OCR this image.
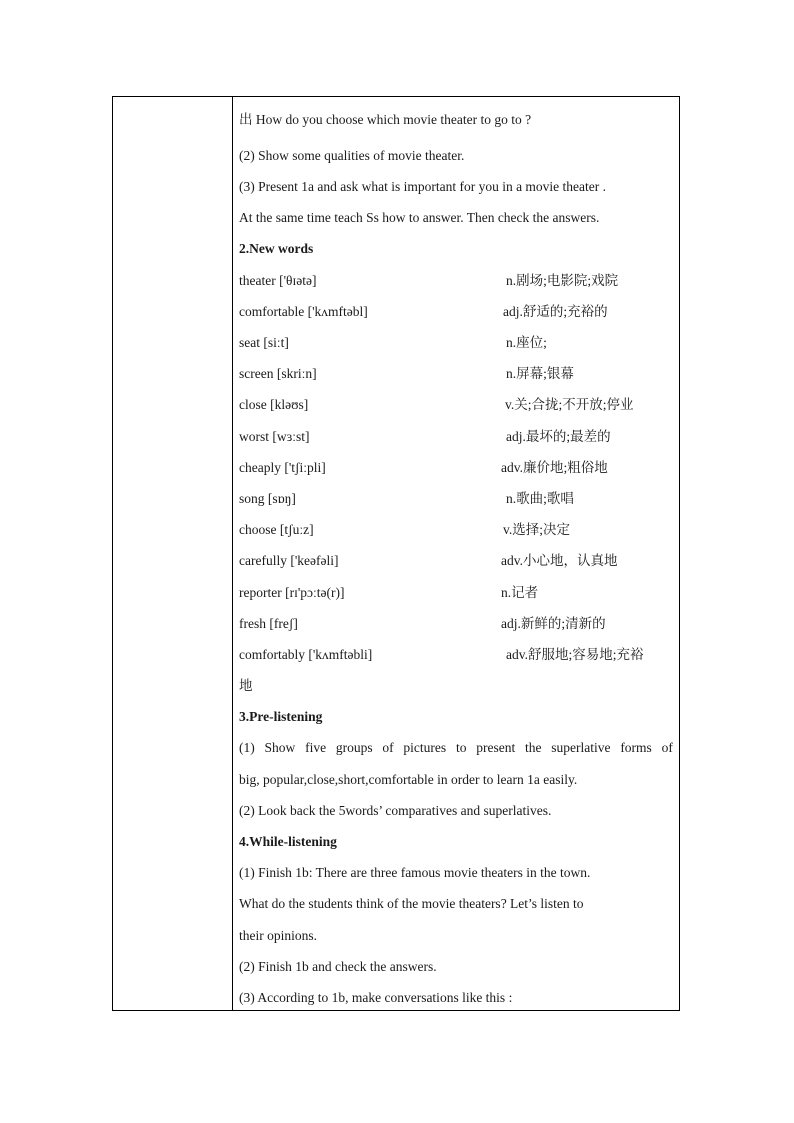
出 How do you choose which movie theater to go to ?
(2) Show some qualities of movie theater.
(3) Present 1a and ask what is important for you in a movie theater .
At the same time teach Ss how to answer. Then check the answers.
2.New words
theater ['θɪətə]	n.剧场;电影院;戏院
comfortable ['kʌmftəbl]	adj.舒适的;充裕的
seat [siːt]	n.座位;
screen [skriːn]	n.屏幕;银幕
close [kləʊs]	v.关;合拢;不开放;停业
worst [wɜːst]	adj.最坏的;最差的
cheaply ['tʃiːpli]	adv.廉价地;粗俗地
song [sɒŋ]	n.歌曲;歌唱
choose [tʃuːz]	v.选择;决定
carefully ['keəfəli]	adv.小心地，认真地
reporter [rɪ'pɔːtə(r)]	n.记者
fresh [freʃ]	adj.新鲜的;清新的
comfortably ['kʌmftəbli]	adv.舒服地;容易地;充裕
地
3.Pre-listening
(1) Show five groups of pictures to present the superlative forms of
big, popular,close,short,comfortable in order to learn 1a easily.
(2) Look back the 5words’ comparatives and superlatives.
4.While-listening
(1) Finish 1b: There are three famous movie theaters in the town.
What do the students think of the movie theaters? Let’s listen to
their opinions.
(2) Finish 1b and check the answers.
(3) According to 1b, make conversations like this :
